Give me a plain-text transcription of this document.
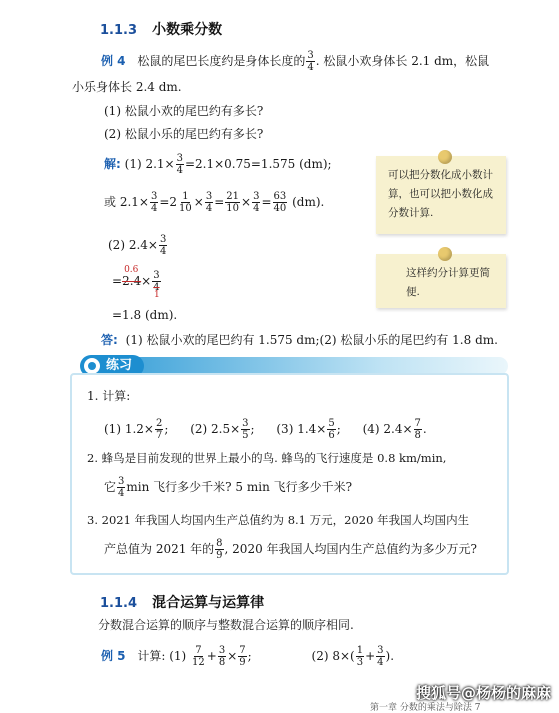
1.1.3 小数乘分数
例 4 松鼠的尾巴长度约是身体长度的 $\frac{3}{4}$ . 松鼠小欢身体长 2.1 dm，松鼠
小乐身体长 2.4 dm.
(1) 松鼠小欢的尾巴约有多长?
(2) 松鼠小乐的尾巴约有多长?
解: (1) $2.1\times \frac{3}{4} =2.1\times 0.75=1.575$ (dm);
或 $2.1\times \frac{3}{4} =2 \frac{1}{10} \times \frac{3}{4} = \frac{21}{10} \times \frac{3}{4} = \frac{63}{40} (dm)$.
(2) $2.4\times \frac{3}{4}$
=
0.6
$2.4\times \frac{3}{4}$
1
=1.8 (dm).
答: (1) 松鼠小欢的尾巴约有 1.575 dm;(2) 松鼠小乐的尾巴约有 1.8 dm.
可以把分数化成小数计算，也可以把小数化成分数计算.
这样约分计算更简便.
练习
1. 计算:
(1) $1.2\times \frac{2}{7}$ ; (2) $2.5\times \frac{3}{5}$ ; (3) $1.4\times \frac{5}{6}$ ; (4) $2.4\times \frac{7}{8}$ .
2. 蜂鸟是目前发现的世界上最小的鸟. 蜂鸟的飞行速度是 0.8 km/min,
它 $\frac{3}{4}$ min 飞行多少千米? 5 min 飞行多少千米?
3. 2021 年我国人均国内生产总值约为 8.1 万元，2020 年我国人均国内生
产总值为 2021 年的 $\frac{8}{9}$ , 2020 年我国人均国内生产总值约为多少万元?
1.1.4 混合运算与运算律
分数混合运算的顺序与整数混合运算的顺序相同.
例 5 计算: $(1) \frac{7}{12} + \frac{3}{8} \times \frac{7}{9}$ ;	(2) $8\times( \frac{1}{3} + \frac{3}{4}$ ).
第一章 分数的乘法与除法 7
搜狐号@杨杨的麻麻
